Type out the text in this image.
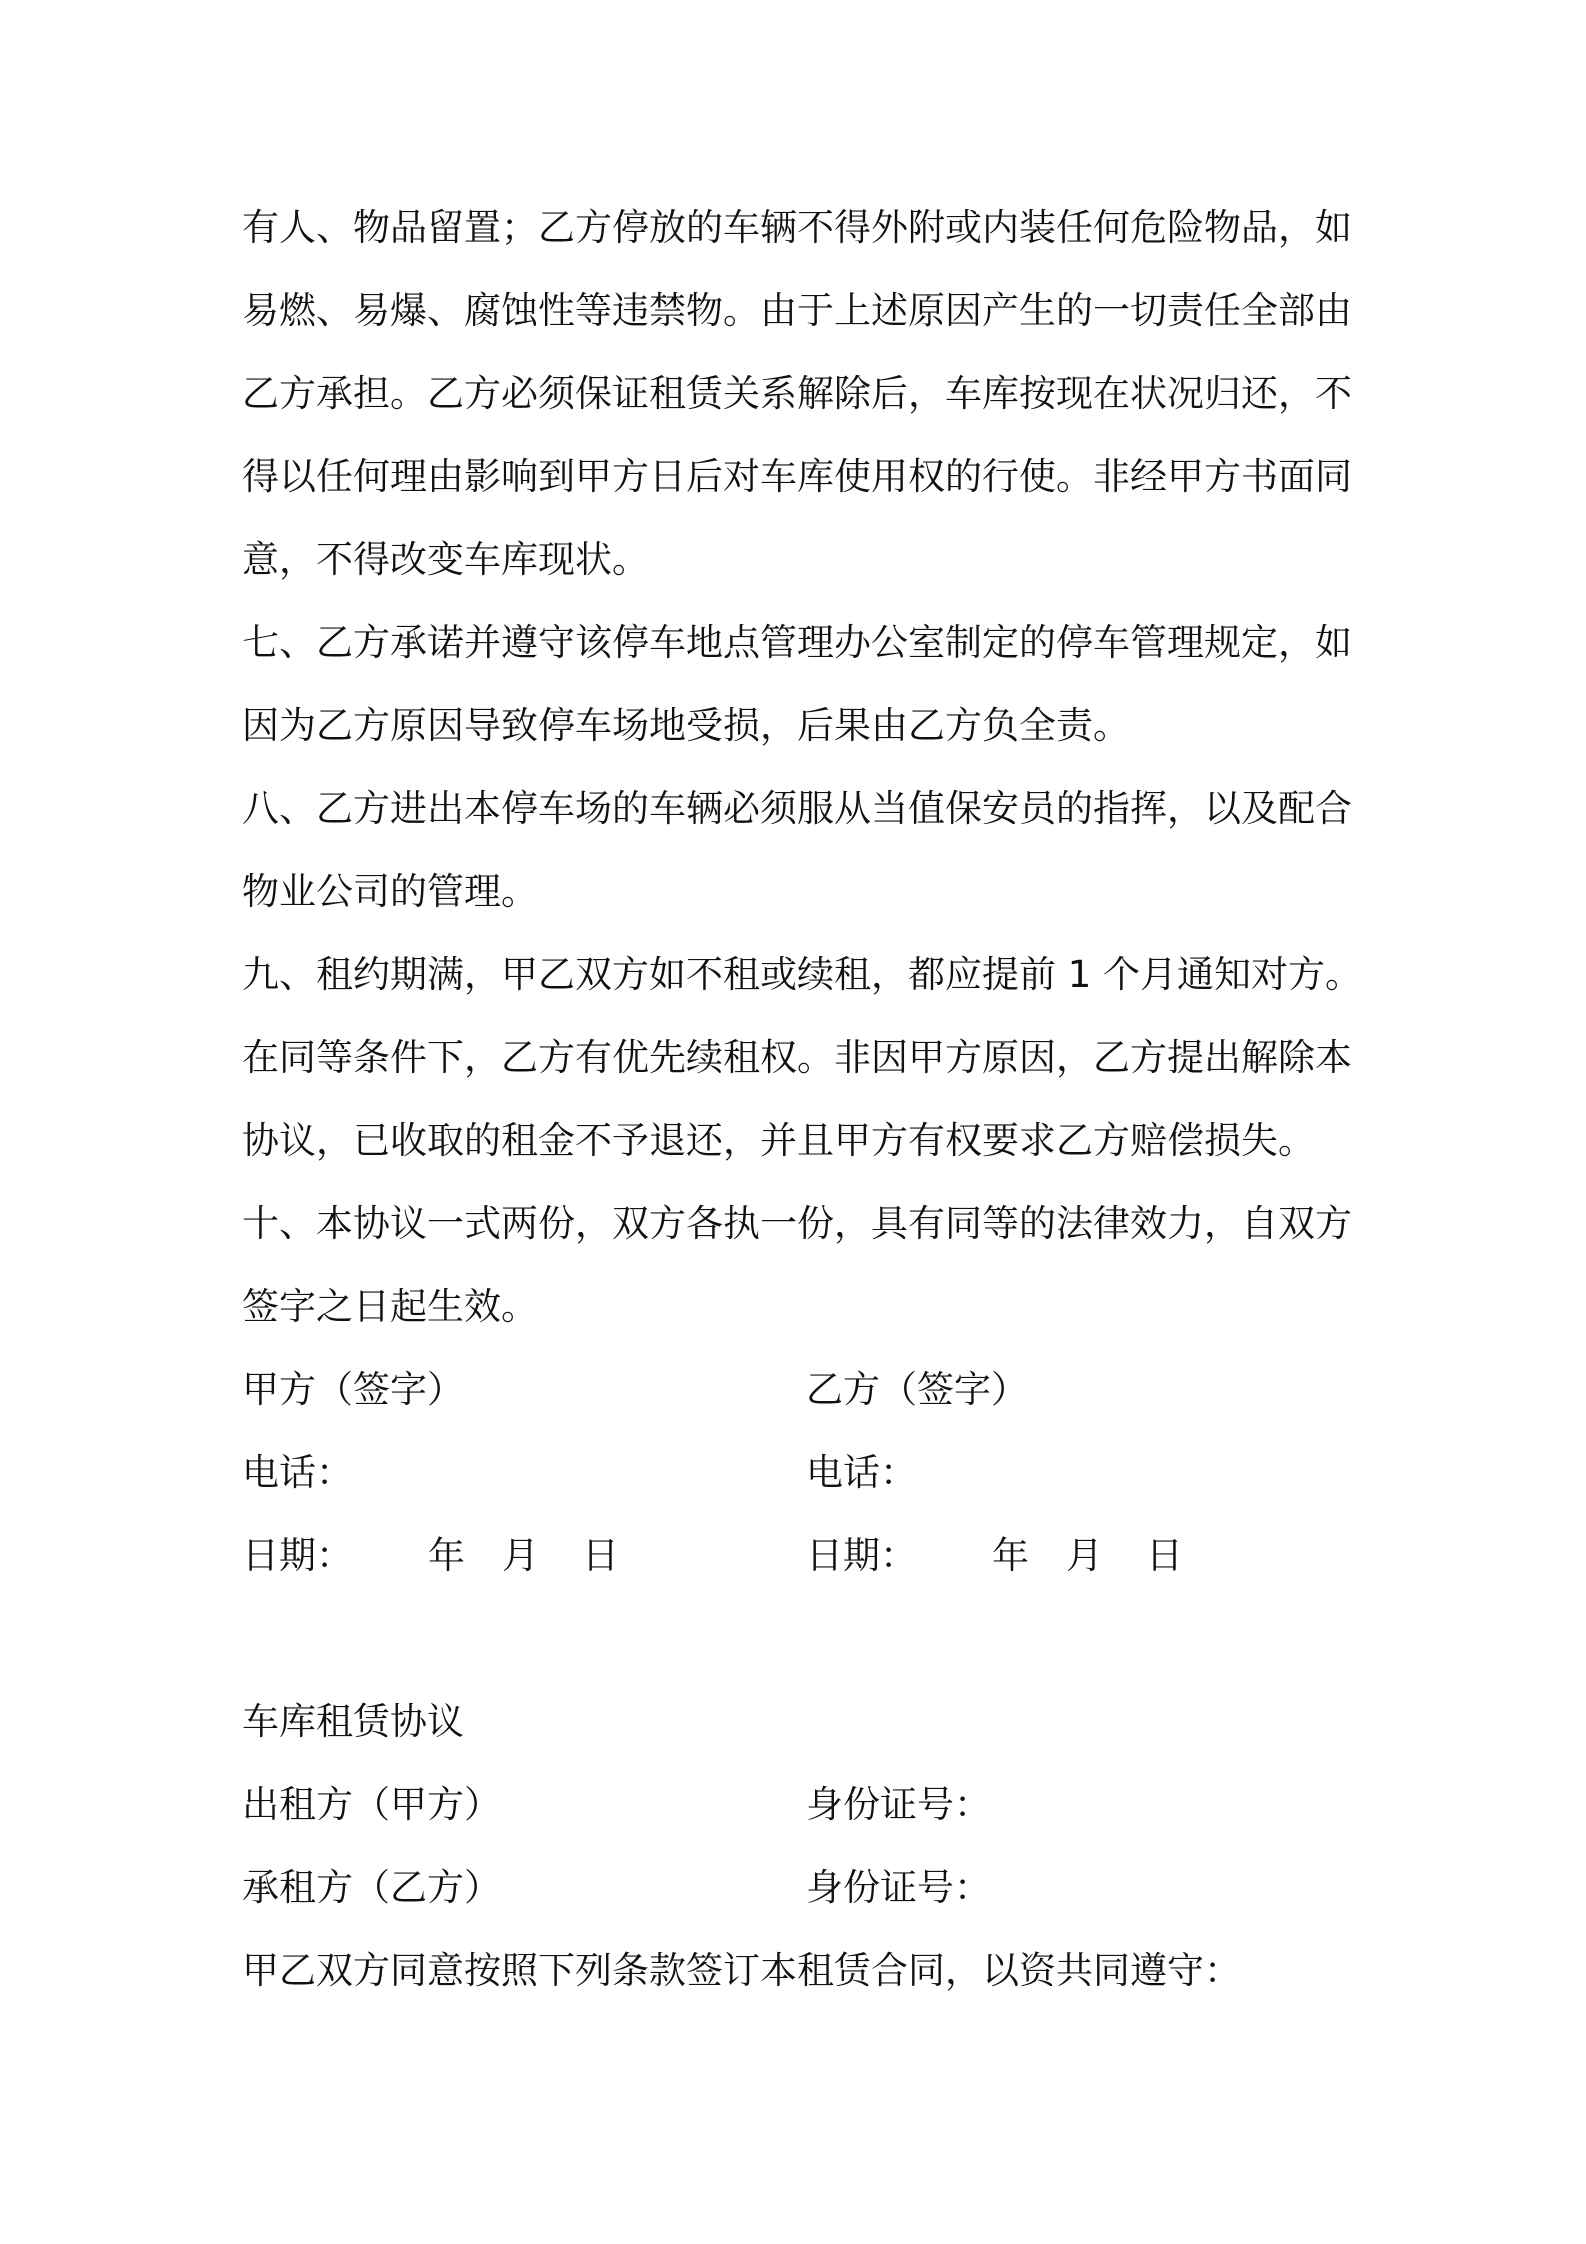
有人、物品留置；乙方停放的车辆不得外附或内装任何危险物品，如
易燃、易爆、腐蚀性等违禁物。由于上述原因产生的一切责任全部由
乙方承担。乙方必须保证租赁关系解除后，车库按现在状况归还，不
得以任何理由影响到甲方日后对车库使用权的行使。非经甲方书面同
意，不得改变车库现状。
七、乙方承诺并遵守该停车地点管理办公室制定的停车管理规定，如
因为乙方原因导致停车场地受损，后果由乙方负全责。
八、乙方进出本停车场的车辆必须服从当值保安员的指挥，以及配合
物业公司的管理。
九、租约期满，甲乙双方如不租或续租，都应提前 1 个月通知对方。
在同等条件下，乙方有优先续租权。非因甲方原因，乙方提出解除本
协议，已收取的租金不予退还，并且甲方有权要求乙方赔偿损失。
十、本协议一式两份，双方各执一份，具有同等的法律效力，自双方
签字之日起生效。
甲方（签字）	乙方（签字）
电话：	电话：
日期： 年 月 日	日期： 年 月 日
车库租赁协议
出租方（甲方）	身份证号：
承租方（乙方）	身份证号：
甲乙双方同意按照下列条款签订本租赁合同，以资共同遵守：
